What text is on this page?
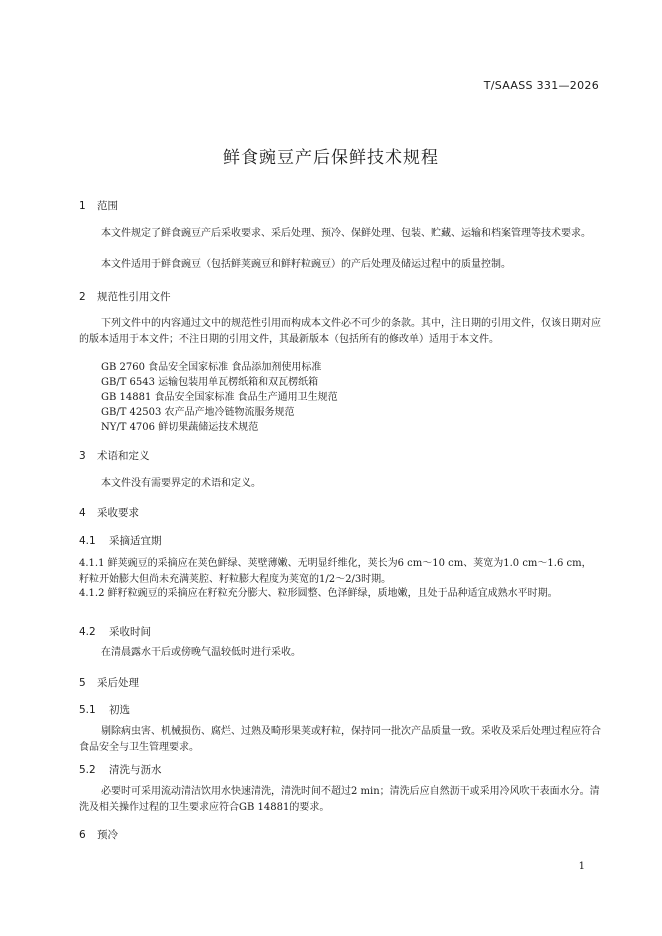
T/SAASS 331—2026
鲜食豌豆产后保鲜技术规程
1 范围
本文件规定了鲜食豌豆产后采收要求、采后处理、预冷、保鲜处理、包装、贮藏、运输和档案管理等技术要求。
本文件适用于鲜食豌豆（包括鲜荚豌豆和鲜籽粒豌豆）的产后处理及储运过程中的质量控制。
2 规范性引用文件
下列文件中的内容通过文中的规范性引用而构成本文件必不可少的条款。其中，注日期的引用文件，仅该日期对应的版本适用于本文件；不注日期的引用文件，其最新版本（包括所有的修改单）适用于本文件。
GB 2760 食品安全国家标准 食品添加剂使用标准
GB/T 6543 运输包装用单瓦楞纸箱和双瓦楞纸箱
GB 14881 食品安全国家标准 食品生产通用卫生规范
GB/T 42503 农产品产地冷链物流服务规范
NY/T 4706 鲜切果蔬储运技术规范
3 术语和定义
本文件没有需要界定的术语和定义。
4 采收要求
4.1 采摘适宜期
4.1.1 鲜荚豌豆的采摘应在荚色鲜绿、荚壁薄嫩、无明显纤维化，荚长为6 cm～10 cm、荚宽为1.0 cm～1.6 cm，籽粒开始膨大但尚未充满荚腔、籽粒膨大程度为荚宽的1/2～2/3时期。
4.1.2 鲜籽粒豌豆的采摘应在籽粒充分膨大、粒形圆整、色泽鲜绿，质地嫩，且处于品种适宜成熟水平时期。
4.2 采收时间
在清晨露水干后或傍晚气温较低时进行采收。
5 采后处理
5.1 初选
剔除病虫害、机械损伤、腐烂、过熟及畸形果荚或籽粒，保持同一批次产品质量一致。采收及采后处理过程应符合食品安全与卫生管理要求。
5.2 清洗与沥水
必要时可采用流动清洁饮用水快速清洗，清洗时间不超过2 min；清洗后应自然沥干或采用冷风吹干表面水分。清洗及相关操作过程的卫生要求应符合GB 14881的要求。
6 预冷
1
